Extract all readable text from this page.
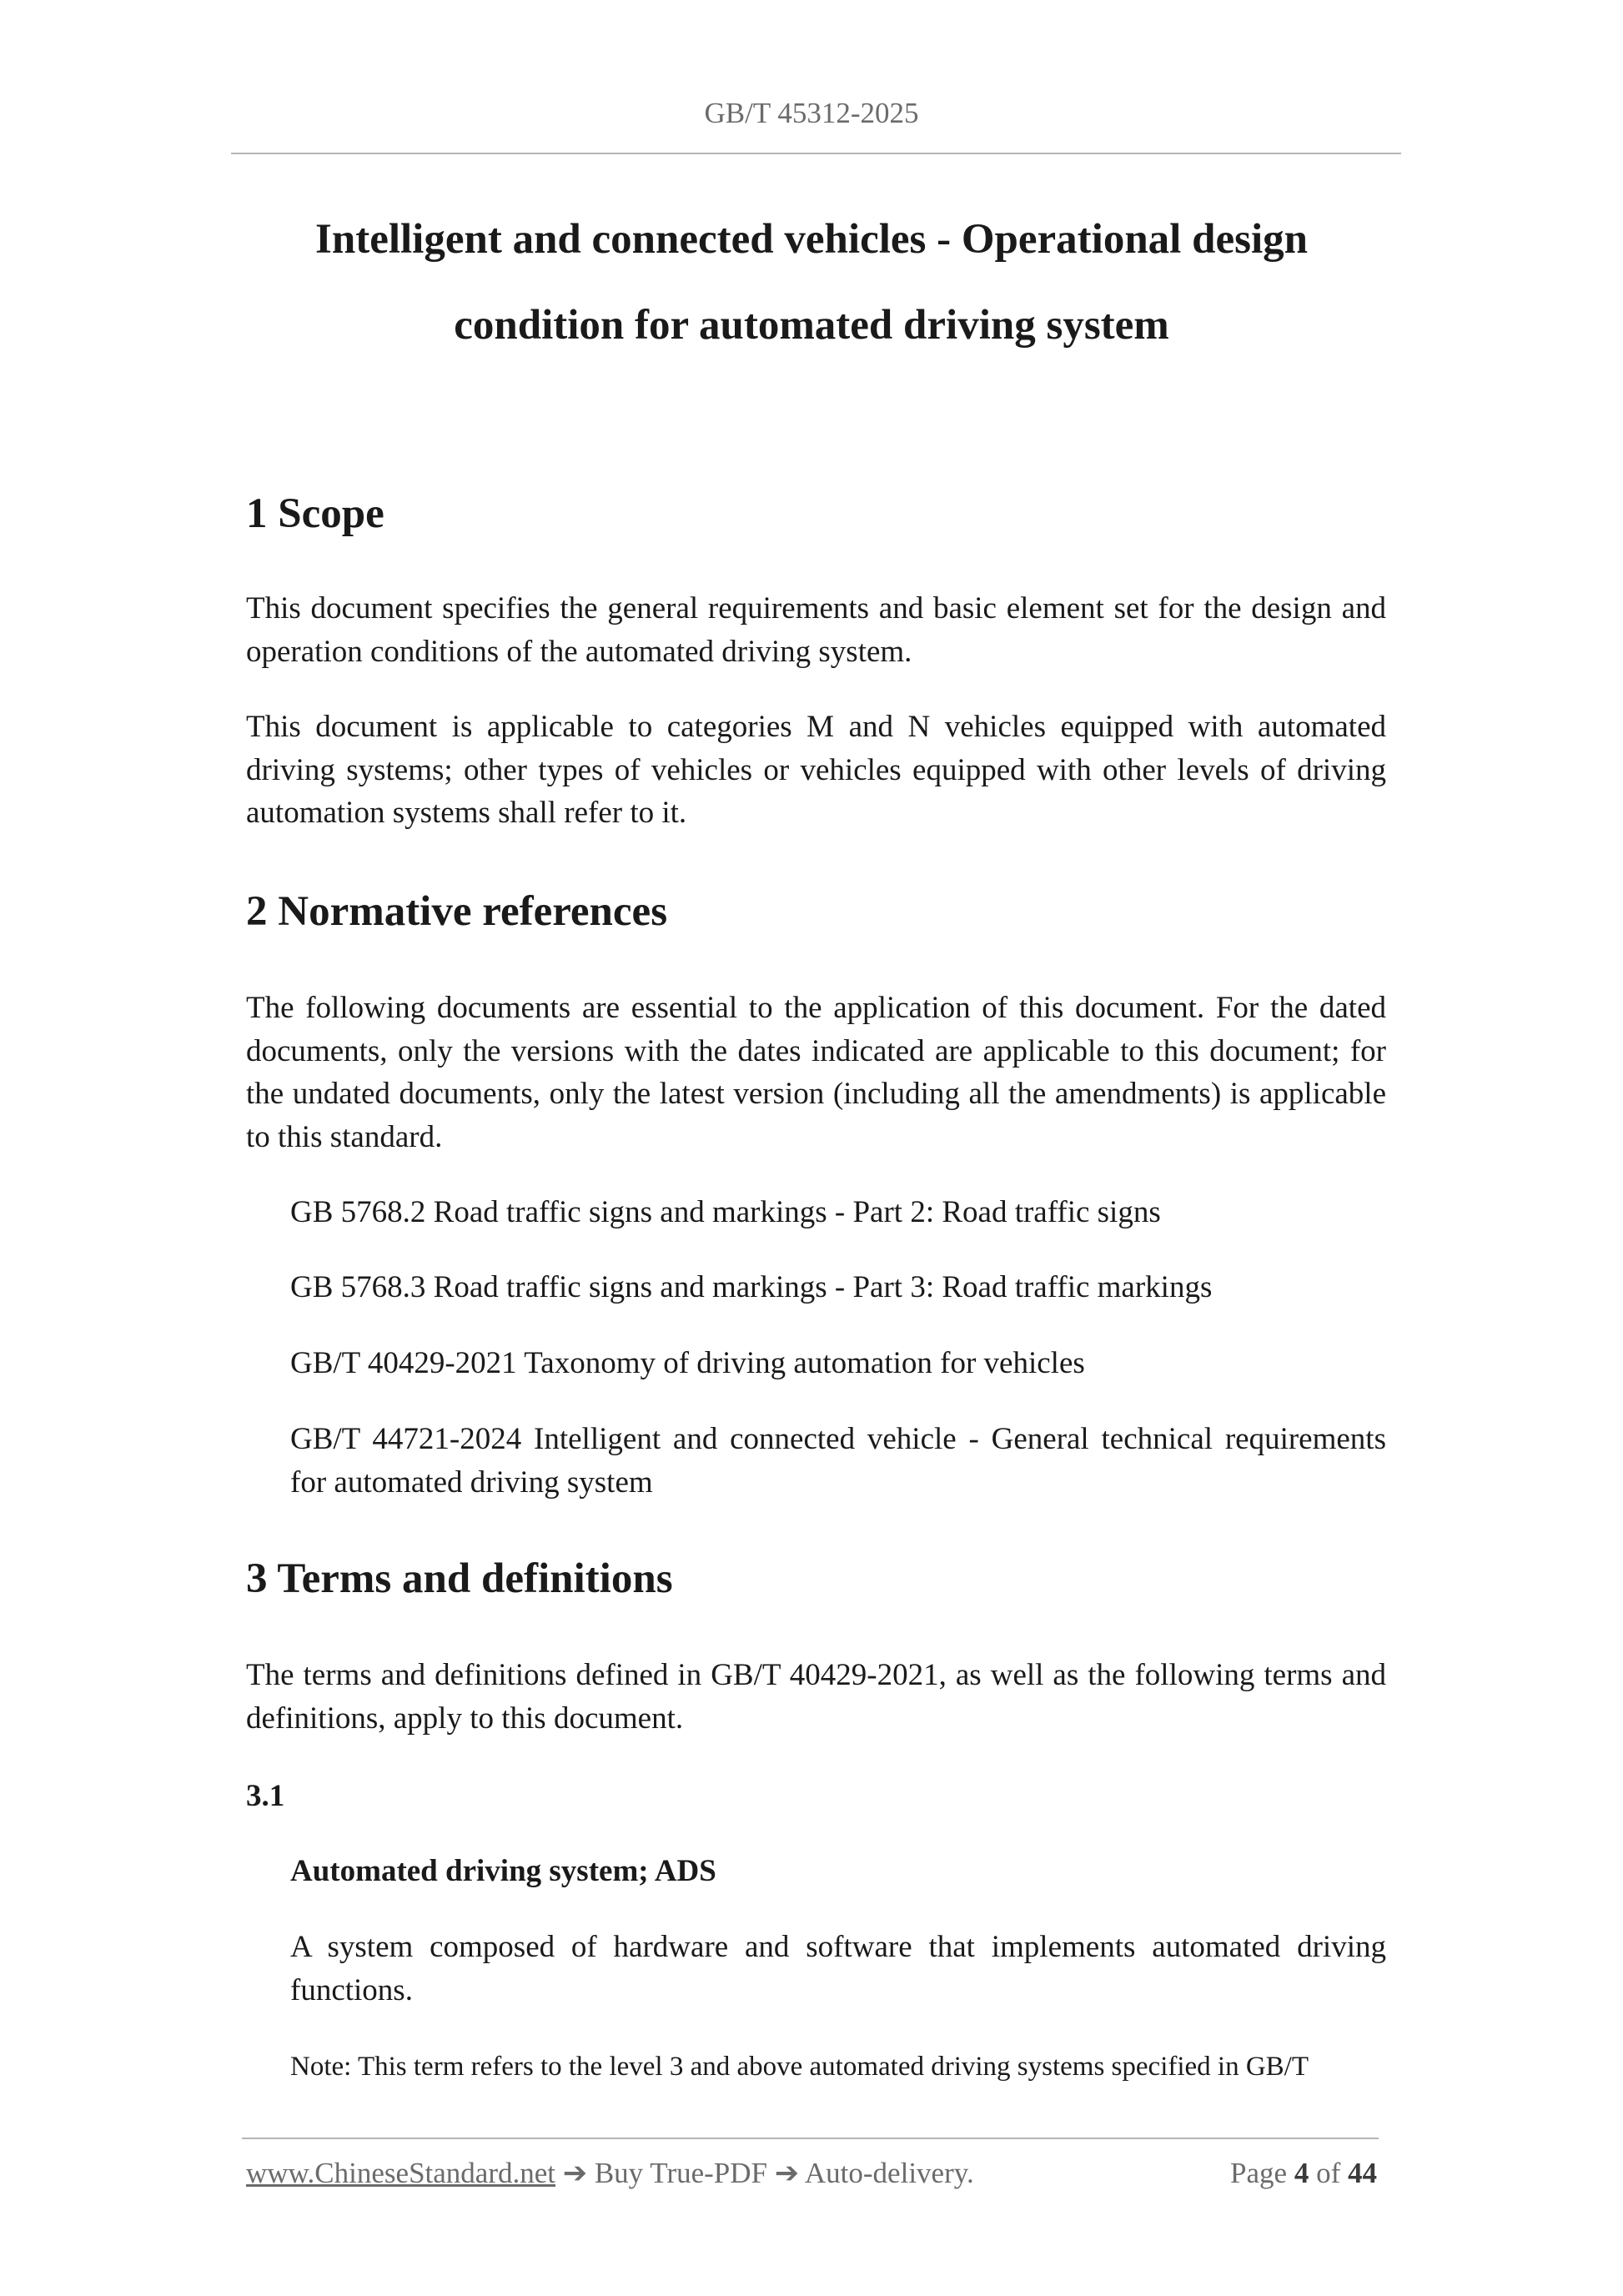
GB/T 45312-2025
Intelligent and connected vehicles - Operational design
condition for automated driving system
1 Scope

This document specifies the general requirements and basic element set for the design and operation conditions of the automated driving system.

This document is applicable to categories M and N vehicles equipped with automated driving systems; other types of vehicles or vehicles equipped with other levels of driving automation systems shall refer to it.

2 Normative references

The following documents are essential to the application of this document. For the dated documents, only the versions with the dates indicated are applicable to this document; for the undated documents, only the latest version (including all the amendments) is applicable to this standard.

GB 5768.2 Road traffic signs and markings - Part 2: Road traffic signs

GB 5768.3 Road traffic signs and markings - Part 3: Road traffic markings

GB/T 40429-2021 Taxonomy of driving automation for vehicles

GB/T 44721-2024 Intelligent and connected vehicle - General technical requirements for automated driving system

3 Terms and definitions

The terms and definitions defined in GB/T 40429-2021, as well as the following terms and definitions, apply to this document.

3.1

Automated driving system; ADS

A system composed of hardware and software that implements automated driving functions.

Note: This term refers to the level 3 and above automated driving systems specified in GB/T

www.ChineseStandard.net ➔ Buy True-PDF ➔ Auto-delivery.	Page 4 of 44
